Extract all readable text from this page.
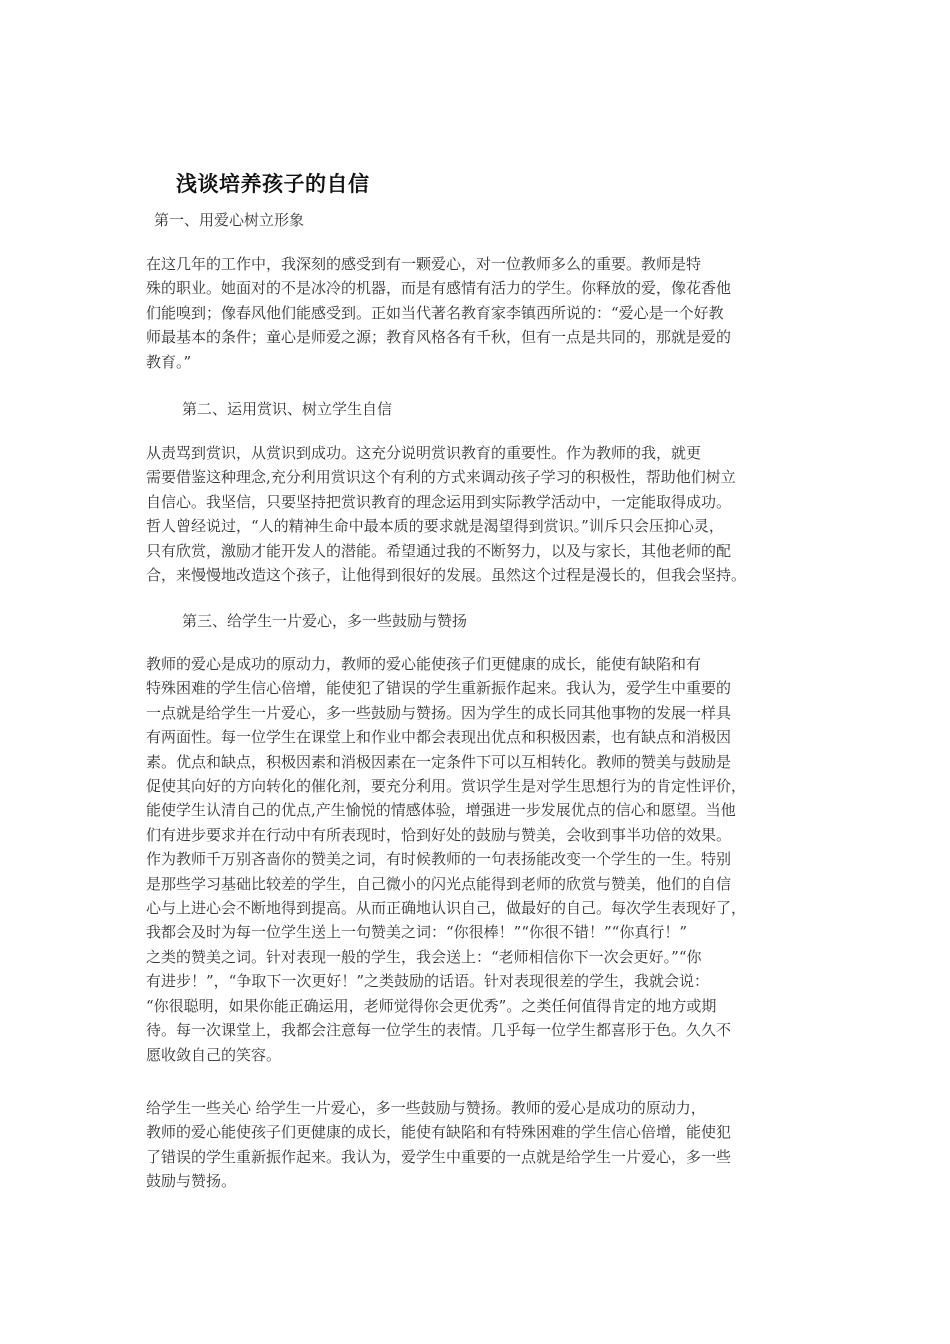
浅谈培养孩子的自信
第一、用爱心树立形象

在这几年的工作中，我深刻的感受到有一颗爱心，对一位教师多么的重要。教师是特
殊的职业。她面对的不是冰冷的机器，而是有感情有活力的学生。你释放的爱，像花香他
们能嗅到；像春风他们能感受到。正如当代著名教育家李镇西所说的：“爱心是一个好教
师最基本的条件；童心是师爱之源；教育风格各有千秋，但有一点是共同的，那就是爱的
教育。”

第二、运用赏识、树立学生自信

从责骂到赏识，从赏识到成功。这充分说明赏识教育的重要性。作为教师的我，就更
需要借鉴这种理念,充分利用赏识这个有利的方式来调动孩子学习的积极性，帮助他们树立
自信心。我坚信，只要坚持把赏识教育的理念运用到实际教学活动中，一定能取得成功。
哲人曾经说过，“人的精神生命中最本质的要求就是渴望得到赏识。”训斥只会压抑心灵，
只有欣赏，激励才能开发人的潜能。希望通过我的不断努力，以及与家长，其他老师的配
合，来慢慢地改造这个孩子，让他得到很好的发展。虽然这个过程是漫长的，但我会坚持。

第三、给学生一片爱心，多一些鼓励与赞扬

教师的爱心是成功的原动力，教师的爱心能使孩子们更健康的成长，能使有缺陷和有
特殊困难的学生信心倍增，能使犯了错误的学生重新振作起来。我认为，爱学生中重要的
一点就是给学生一片爱心，多一些鼓励与赞扬。因为学生的成长同其他事物的发展一样具
有两面性。每一位学生在课堂上和作业中都会表现出优点和积极因素，也有缺点和消极因
素。优点和缺点，积极因素和消极因素在一定条件下可以互相转化。教师的赞美与鼓励是
促使其向好的方向转化的催化剂，要充分利用。赏识学生是对学生思想行为的肯定性评价，
能使学生认清自己的优点,产生愉悦的情感体验，增强进一步发展优点的信心和愿望。当他
们有进步要求并在行动中有所表现时，恰到好处的鼓励与赞美，会收到事半功倍的效果。
作为教师千万别吝啬你的赞美之词，有时候教师的一句表扬能改变一个学生的一生。特别
是那些学习基础比较差的学生，自己微小的闪光点能得到老师的欣赏与赞美，他们的自信
心与上进心会不断地得到提高。从而正确地认识自己，做最好的自己。每次学生表现好了，
我都会及时为每一位学生送上一句赞美之词：“你很棒！”“你很不错！”“你真行！”
之类的赞美之词。针对表现一般的学生，我会送上：“老师相信你下一次会更好。”“你
有进步！”，“争取下一次更好！”之类鼓励的话语。针对表现很差的学生，我就会说：
“你很聪明，如果你能正确运用，老师觉得你会更优秀”。之类任何值得肯定的地方或期
待。每一次课堂上，我都会注意每一位学生的表情。几乎每一位学生都喜形于色。久久不
愿收敛自己的笑容。

给学生一些关心 给学生一片爱心，多一些鼓励与赞扬。教师的爱心是成功的原动力，
教师的爱心能使孩子们更健康的成长，能使有缺陷和有特殊困难的学生信心倍增，能使犯
了错误的学生重新振作起来。我认为，爱学生中重要的一点就是给学生一片爱心，多一些
鼓励与赞扬。
